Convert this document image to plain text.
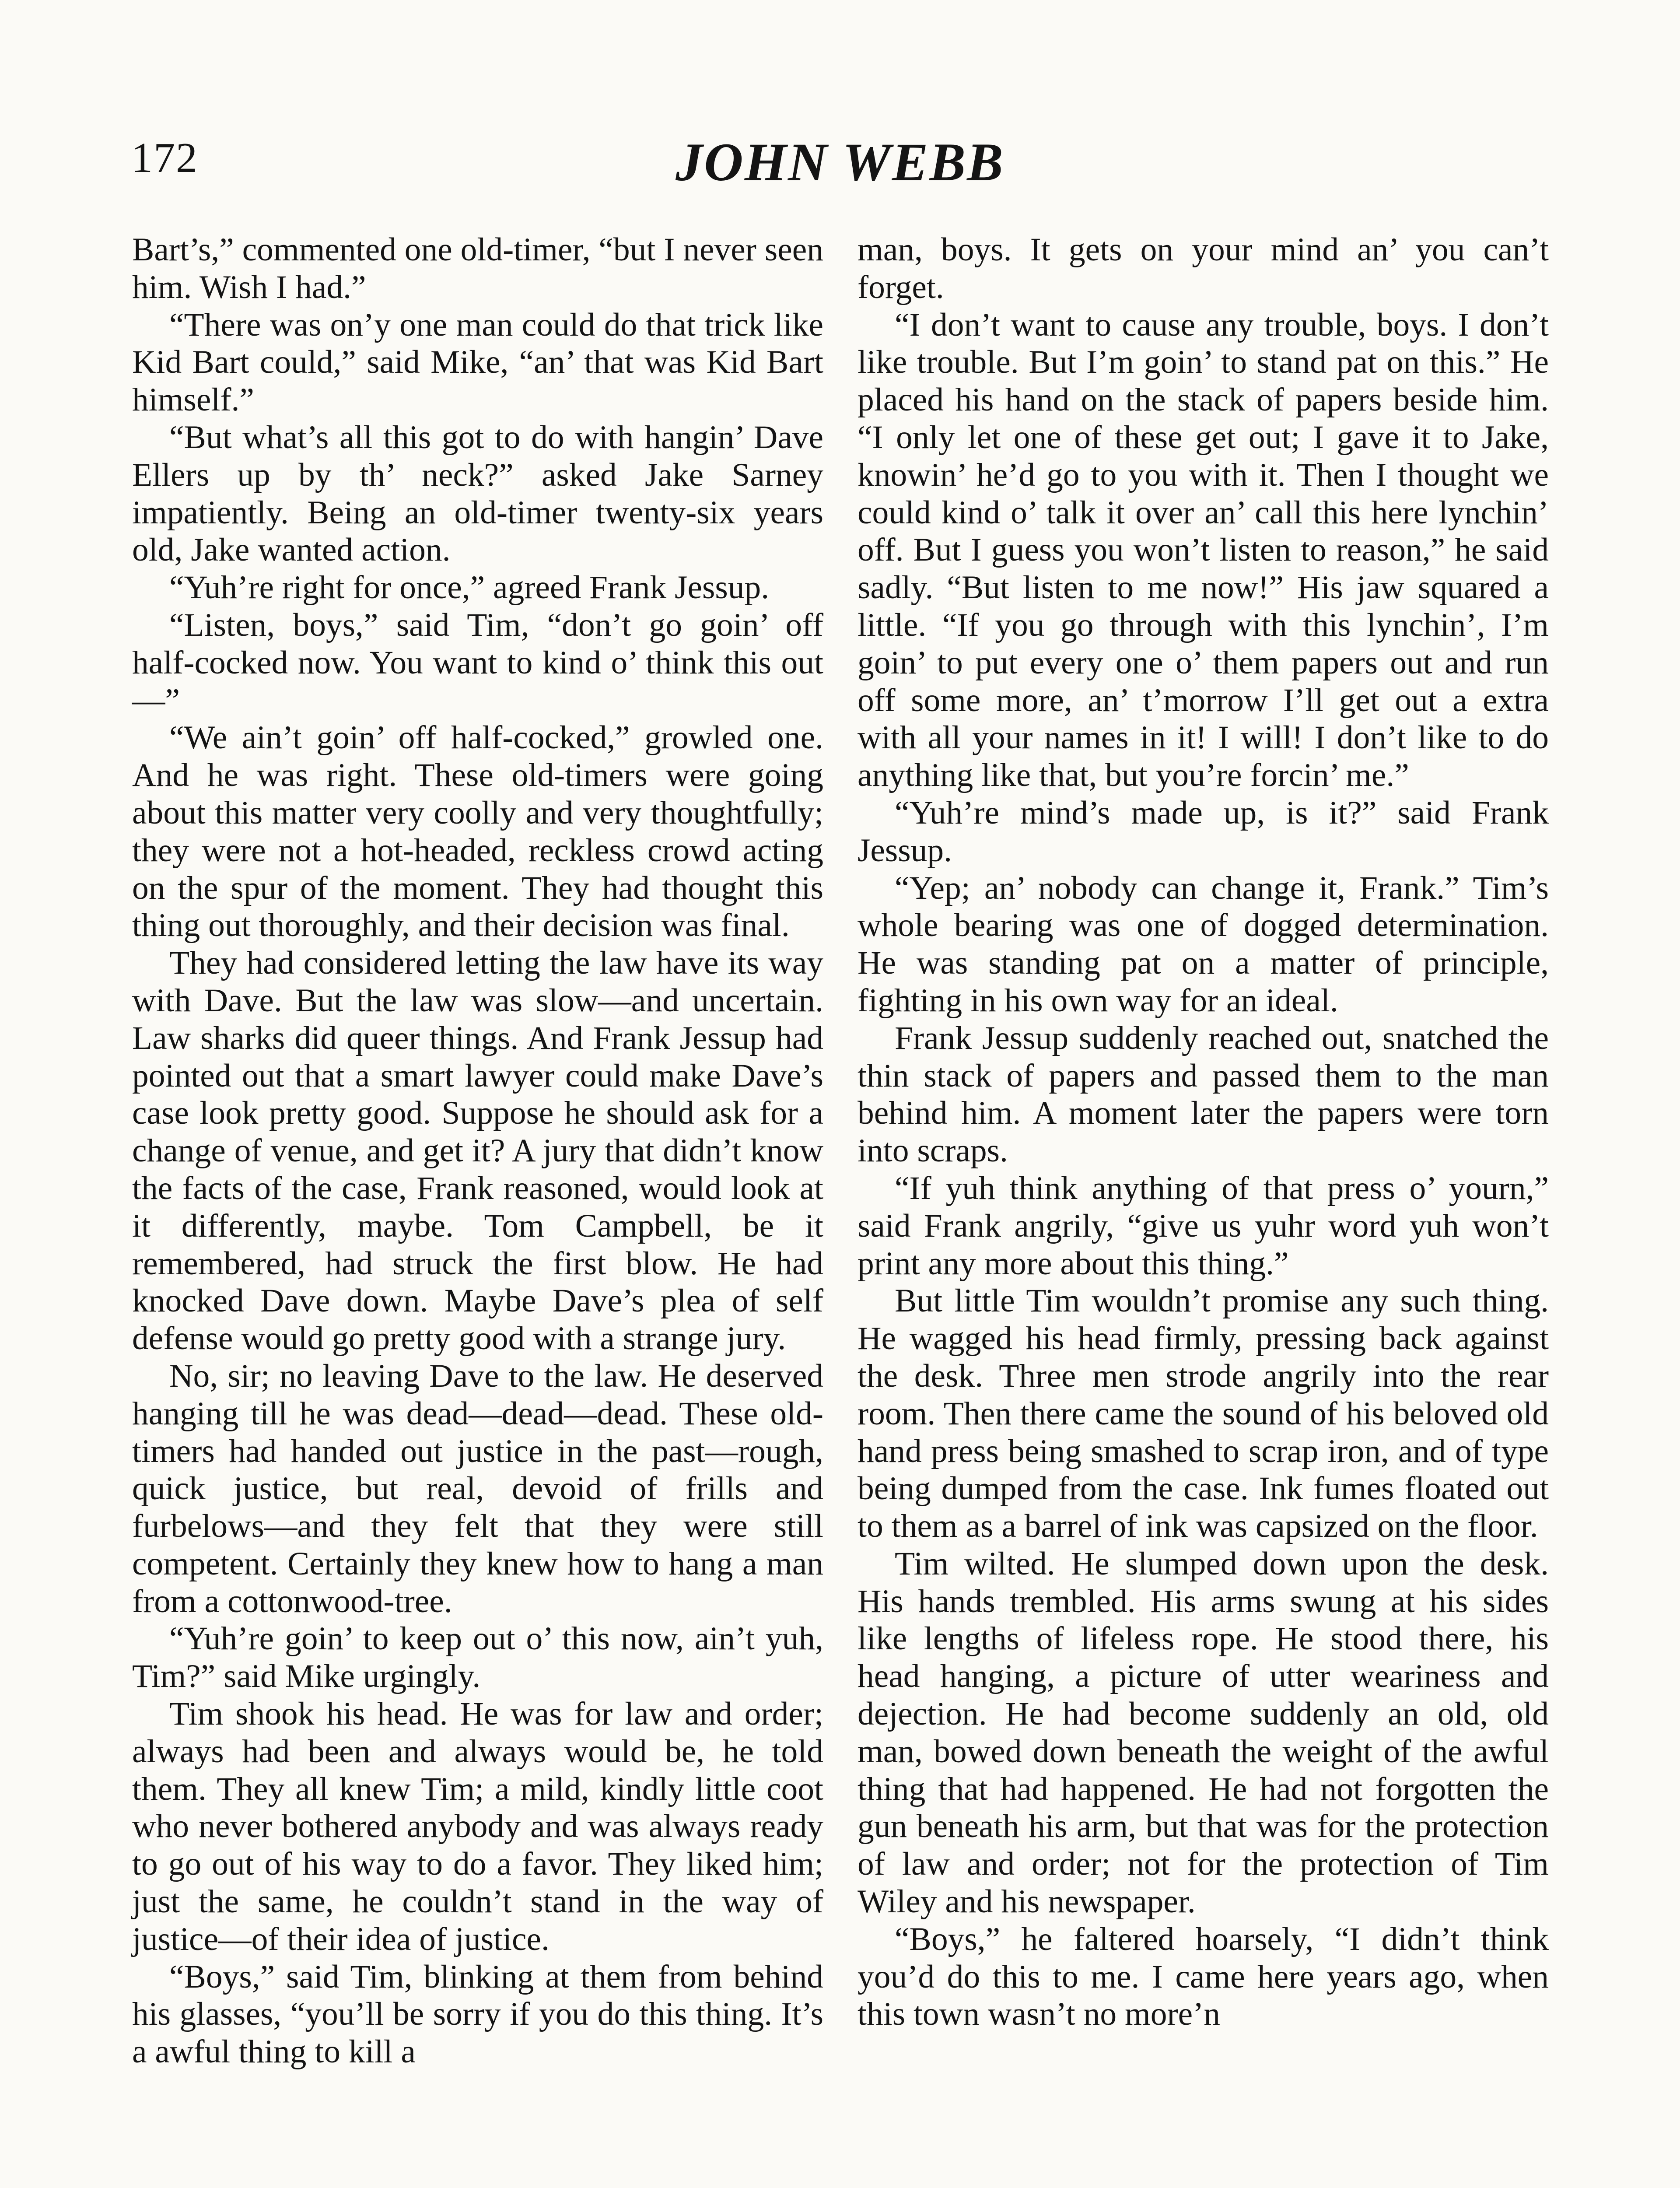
172	JOHN WEBB

Bart’s,” commented one old-timer, “but I never seen him. Wish I had.”

“There was on’y one man could do that trick like Kid Bart could,” said Mike, “an’ that was Kid Bart himself.”

“But what’s all this got to do with hangin’ Dave Ellers up by th’ neck?” asked Jake Sarney impatiently. Being an old-timer twenty-six years old, Jake wanted action.

“Yuh’re right for once,” agreed Frank Jessup.

“Listen, boys,” said Tim, “don’t go goin’ off half-cocked now. You want to kind o’ think this out—”

“We ain’t goin’ off half-cocked,” growled one. And he was right. These old-timers were going about this matter very coolly and very thoughtfully; they were not a hot-headed, reckless crowd acting on the spur of the moment. They had thought this thing out thoroughly, and their decision was final.

They had considered letting the law have its way with Dave. But the law was slow—and uncertain. Law sharks did queer things. And Frank Jessup had pointed out that a smart lawyer could make Dave’s case look pretty good. Suppose he should ask for a change of venue, and get it? A jury that didn’t know the facts of the case, Frank reasoned, would look at it differently, maybe. Tom Campbell, be it remembered, had struck the first blow. He had knocked Dave down. Maybe Dave’s plea of self defense would go pretty good with a strange jury.

No, sir; no leaving Dave to the law. He deserved hanging till he was dead—dead—dead. These old-timers had handed out justice in the past—rough, quick justice, but real, devoid of frills and furbelows—and they felt that they were still competent. Certainly they knew how to hang a man from a cottonwood-tree.

“Yuh’re goin’ to keep out o’ this now, ain’t yuh, Tim?” said Mike urgingly.

Tim shook his head. He was for law and order; always had been and always would be, he told them. They all knew Tim; a mild, kindly little coot who never bothered anybody and was always ready to go out of his way to do a favor. They liked him; just the same, he couldn’t stand in the way of justice—of their idea of justice.

“Boys,” said Tim, blinking at them from behind his glasses, “you’ll be sorry if you do this thing. It’s a awful thing to kill a

man, boys. It gets on your mind an’ you can’t forget.

“I don’t want to cause any trouble, boys. I don’t like trouble. But I’m goin’ to stand pat on this.” He placed his hand on the stack of papers beside him. “I only let one of these get out; I gave it to Jake, knowin’ he’d go to you with it. Then I thought we could kind o’ talk it over an’ call this here lynchin’ off. But I guess you won’t listen to reason,” he said sadly. “But listen to me now!” His jaw squared a little. “If you go through with this lynchin’, I’m goin’ to put every one o’ them papers out and run off some more, an’ t’morrow I’ll get out a extra with all your names in it! I will! I don’t like to do anything like that, but you’re forcin’ me.”

“Yuh’re mind’s made up, is it?” said Frank Jessup.

“Yep; an’ nobody can change it, Frank.” Tim’s whole bearing was one of dogged determination. He was standing pat on a matter of principle, fighting in his own way for an ideal.

Frank Jessup suddenly reached out, snatched the thin stack of papers and passed them to the man behind him. A moment later the papers were torn into scraps.

“If yuh think anything of that press o’ yourn,” said Frank angrily, “give us yuhr word yuh won’t print any more about this thing.”

But little Tim wouldn’t promise any such thing. He wagged his head firmly, pressing back against the desk. Three men strode angrily into the rear room. Then there came the sound of his beloved old hand press being smashed to scrap iron, and of type being dumped from the case. Ink fumes floated out to them as a barrel of ink was capsized on the floor.

Tim wilted. He slumped down upon the desk. His hands trembled. His arms swung at his sides like lengths of lifeless rope. He stood there, his head hanging, a picture of utter weariness and dejection. He had become suddenly an old, old man, bowed down beneath the weight of the awful thing that had happened. He had not forgotten the gun beneath his arm, but that was for the protection of law and order; not for the protection of Tim Wiley and his newspaper.

“Boys,” he faltered hoarsely, “I didn’t think you’d do this to me. I came here years ago, when this town wasn’t no more’n
